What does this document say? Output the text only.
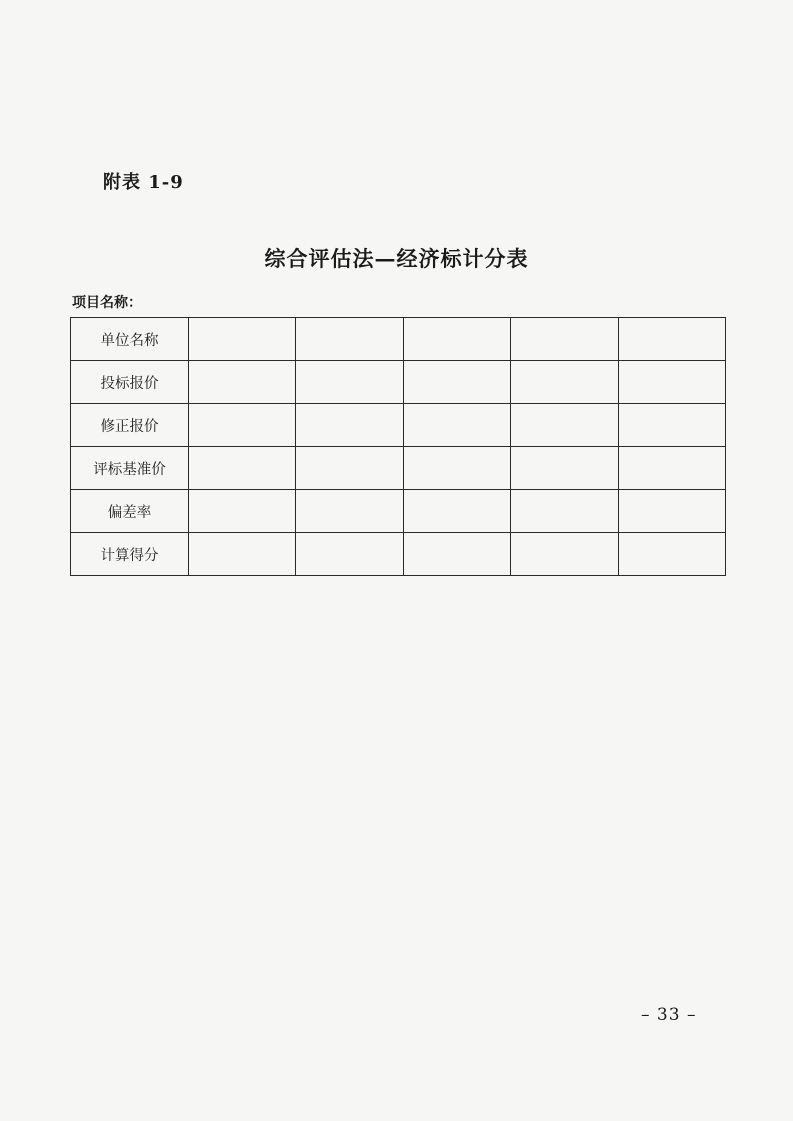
附表 1-9
综合评估法—经济标计分表
项目名称：
单位名称					
投标报价					
修正报价					
评标基准价					
偏差率					
计算得分					
– 33 –
